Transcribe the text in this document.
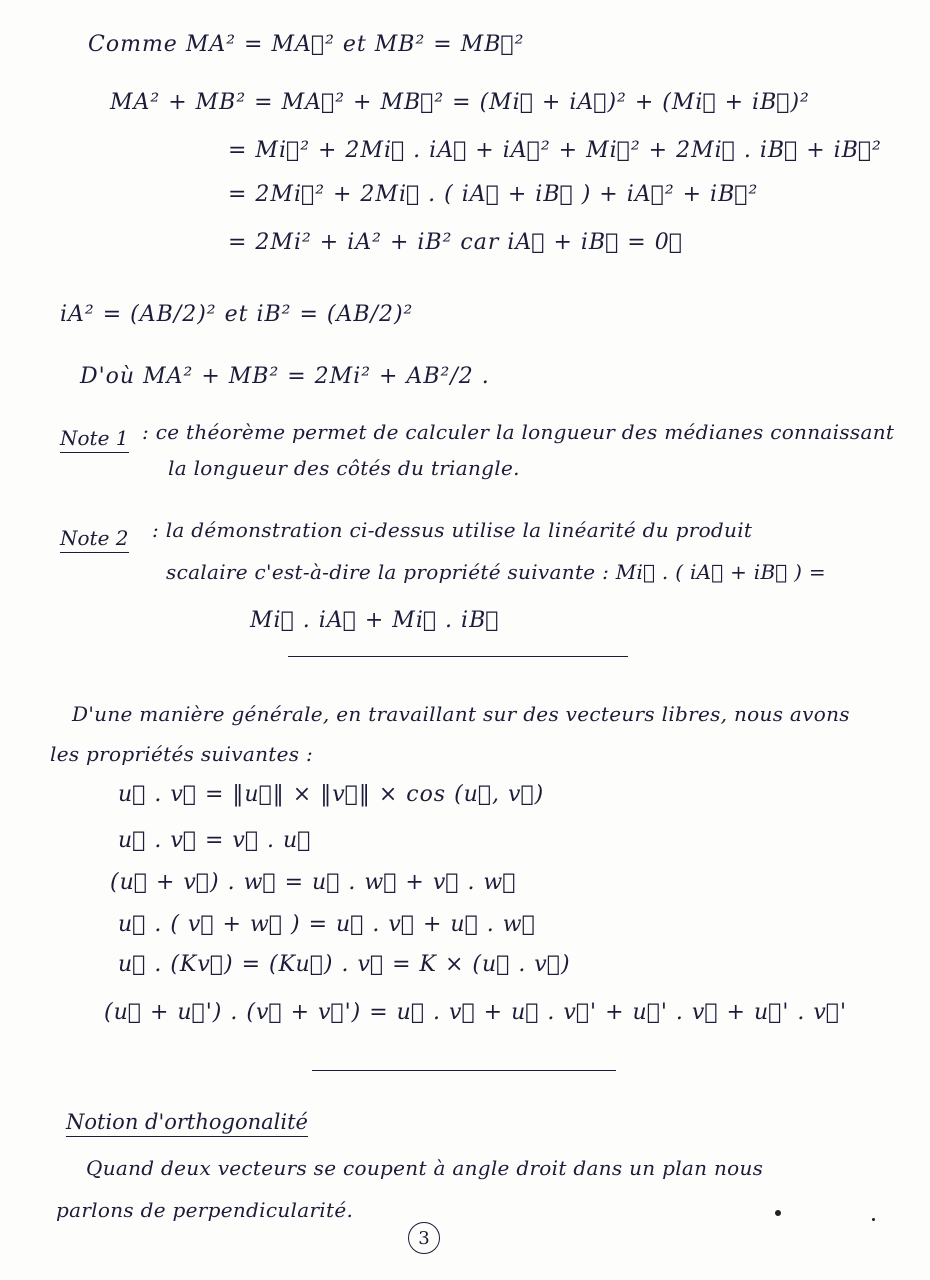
Comme MA² = MA⃗² et MB² = MB⃗²
MA² + MB² = MA⃗² + MB⃗² = (Mi⃗ + iA⃗)² + (Mi⃗ + iB⃗)²
= Mi⃗² + 2Mi⃗ . iA⃗ + iA⃗² + Mi⃗² + 2Mi⃗ . iB⃗ + iB⃗²
= 2Mi⃗² + 2Mi⃗ . ( iA⃗ + iB⃗ ) + iA⃗² + iB⃗²
= 2Mi² + iA² + iB² car iA⃗ + iB⃗ = 0⃗
iA² = (AB/2)² et iB² = (AB/2)²
D'où MA² + MB² = 2Mi² + AB²/2 .
Note 1 : ce théorème permet de calculer la longueur des médianes connaissant
la longueur des côtés du triangle.
Note 2 : la démonstration ci-dessus utilise la linéarité du produit
scalaire c'est-à-dire la propriété suivante : Mi⃗ . ( iA⃗ + iB⃗ ) =
Mi⃗ . iA⃗ + Mi⃗ . iB⃗
D'une manière générale, en travaillant sur des vecteurs libres, nous avons
les propriétés suivantes :
u⃗ . v⃗ = ‖u⃗‖ × ‖v⃗‖ × cos (u⃗, v⃗)
u⃗ . v⃗ = v⃗ . u⃗
(u⃗ + v⃗) . w⃗ = u⃗ . w⃗ + v⃗ . w⃗
u⃗ . ( v⃗ + w⃗ ) = u⃗ . v⃗ + u⃗ . w⃗
u⃗ . (Kv⃗) = (Ku⃗) . v⃗ = K × (u⃗ . v⃗)
(u⃗ + u⃗') . (v⃗ + v⃗') = u⃗ . v⃗ + u⃗ . v⃗' + u⃗' . v⃗ + u⃗' . v⃗'
Notion d'orthogonalité
Quand deux vecteurs se coupent à angle droit dans un plan nous
parlons de perpendicularité.
3
